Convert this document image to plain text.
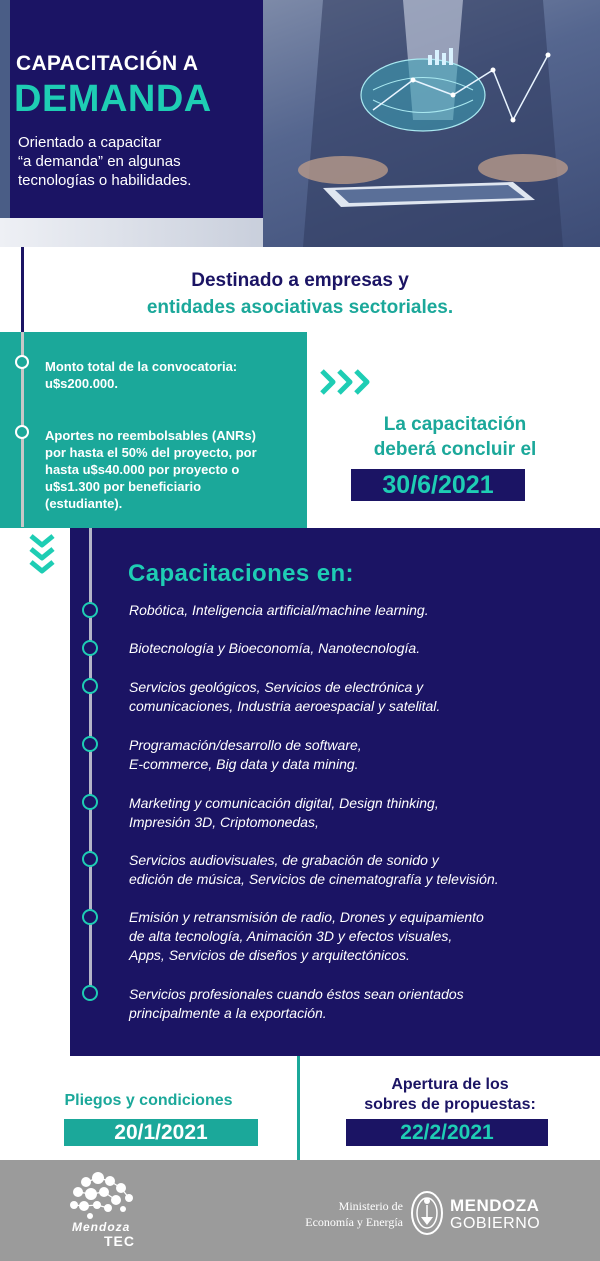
CAPACITACIÓN A
DEMANDA
Orientado a capacitar
“a demanda” en algunas
tecnologías o habilidades.
Destinado a empresas y
entidades asociativas sectoriales.
Monto total de la convocatoria:
u$s200.000.
Aportes no reembolsables (ANRs)
por hasta el 50% del proyecto, por
hasta u$s40.000 por proyecto o
u$s1.300 por beneficiario
(estudiante).
La capacitación
deberá concluir el
30/6/2021
Capacitaciones en:
Robótica, Inteligencia artificial/machine learning.
Biotecnología y Bioeconomía, Nanotecnología.
Servicios geológicos, Servicios de electrónica y
comunicaciones, Industria aeroespacial y satelital.
Programación/desarrollo de software,
E-commerce, Big data y data mining.
Marketing y comunicación digital, Design thinking,
Impresión 3D, Criptomonedas,
Servicios audiovisuales, de grabación de sonido y
edición de música, Servicios de cinematografía y televisión.
Emisión y retransmisión de radio, Drones y equipamiento
de alta tecnología, Animación 3D y efectos visuales,
Apps, Servicios de diseños y arquitectónicos.
Servicios profesionales cuando éstos sean orientados
principalmente a la exportación.
Pliegos y condiciones
20/1/2021
Apertura de los
sobres de propuestas:
22/2/2021
Mendoza
TEC
Ministerio de
Economía y Energía
MENDOZA
GOBIERNO
